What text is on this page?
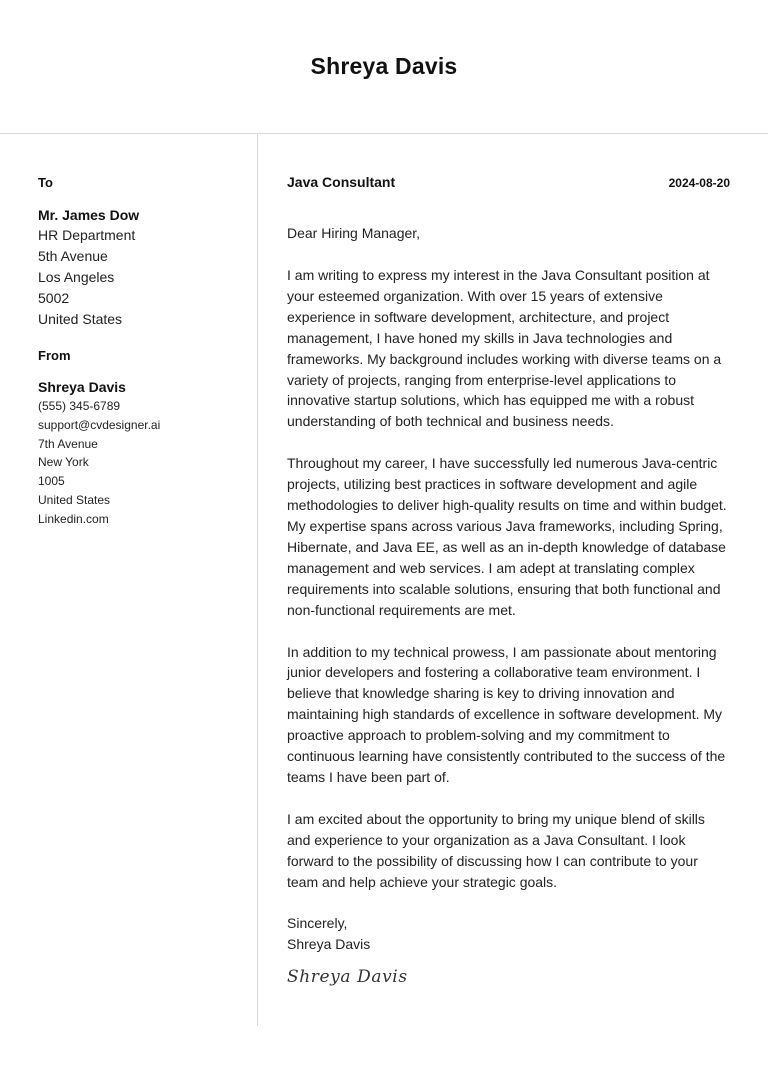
Shreya Davis
To
Mr. James Dow
HR Department
5th Avenue
Los Angeles
5002
United States
From
Shreya Davis
(555) 345-6789
support@cvdesigner.ai
7th Avenue
New York
1005
United States
Linkedin.com
Java Consultant	2024-08-20
Dear Hiring Manager,

I am writing to express my interest in the Java Consultant position at your esteemed organization. With over 15 years of extensive experience in software development, architecture, and project management, I have honed my skills in Java technologies and frameworks. My background includes working with diverse teams on a variety of projects, ranging from enterprise-level applications to innovative startup solutions, which has equipped me with a robust understanding of both technical and business needs.

Throughout my career, I have successfully led numerous Java-centric projects, utilizing best practices in software development and agile methodologies to deliver high-quality results on time and within budget. My expertise spans across various Java frameworks, including Spring, Hibernate, and Java EE, as well as an in-depth knowledge of database management and web services. I am adept at translating complex requirements into scalable solutions, ensuring that both functional and non-functional requirements are met.

In addition to my technical prowess, I am passionate about mentoring junior developers and fostering a collaborative team environment. I believe that knowledge sharing is key to driving innovation and maintaining high standards of excellence in software development. My proactive approach to problem-solving and my commitment to continuous learning have consistently contributed to the success of the teams I have been part of.

I am excited about the opportunity to bring my unique blend of skills and experience to your organization as a Java Consultant. I look forward to the possibility of discussing how I can contribute to your team and help achieve your strategic goals.

Sincerely,
Shreya Davis
Shreya Davis
